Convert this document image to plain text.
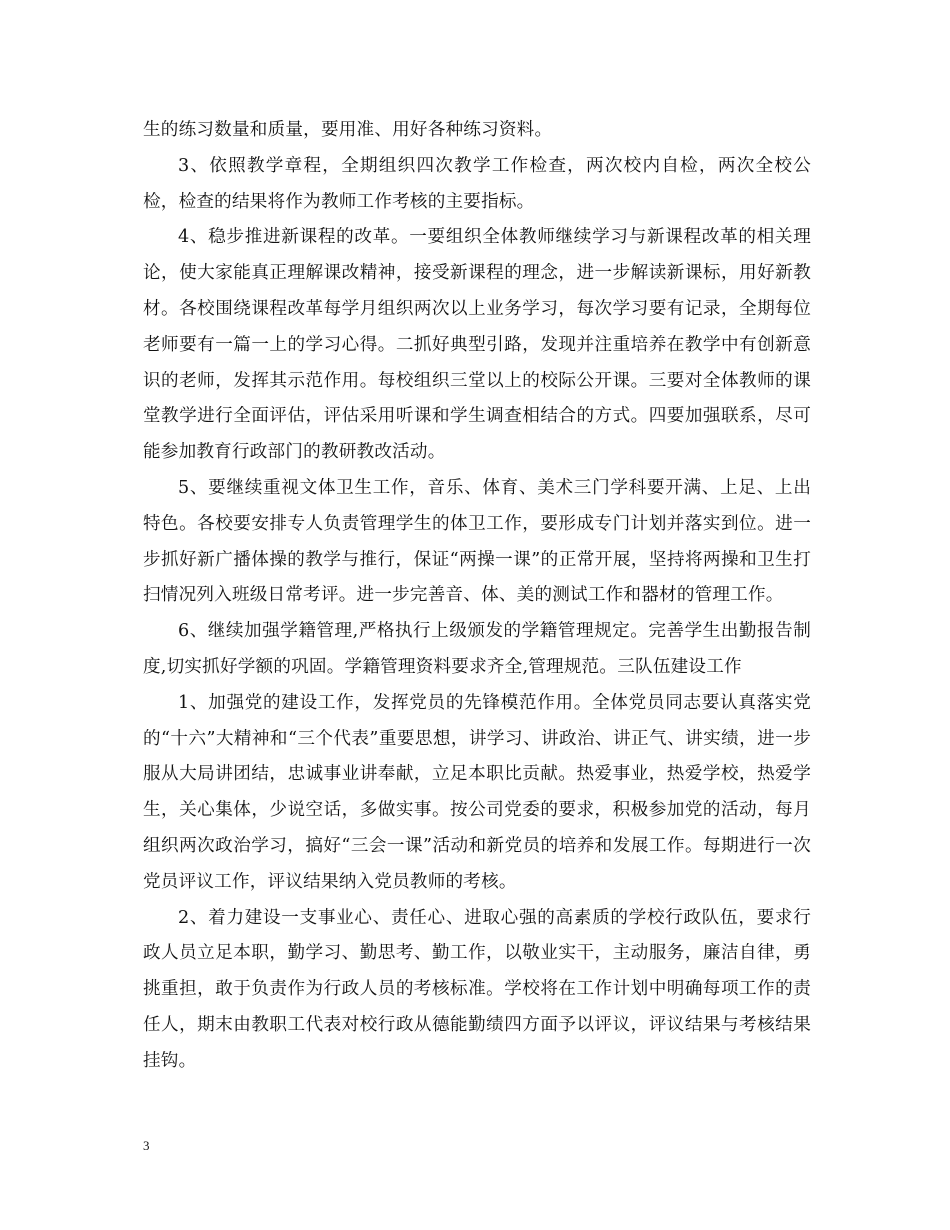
生的练习数量和质量，要用准、用好各种练习资料。

3、依照教学章程，全期组织四次教学工作检查，两次校内自检，两次全校公检，检查的结果将作为教师工作考核的主要指标。

4、稳步推进新课程的改革。一要组织全体教师继续学习与新课程改革的相关理论，使大家能真正理解课改精神，接受新课程的理念，进一步解读新课标，用好新教材。各校围绕课程改革每学月组织两次以上业务学习，每次学习要有记录，全期每位老师要有一篇一上的学习心得。二抓好典型引路，发现并注重培养在教学中有创新意识的老师，发挥其示范作用。每校组织三堂以上的校际公开课。三要对全体教师的课堂教学进行全面评估，评估采用听课和学生调查相结合的方式。四要加强联系，尽可能参加教育行政部门的教研教改活动。

5、要继续重视文体卫生工作，音乐、体育、美术三门学科要开满、上足、上出特色。各校要安排专人负责管理学生的体卫工作，要形成专门计划并落实到位。进一步抓好新广播体操的教学与推行，保证“两操一课”的正常开展，坚持将两操和卫生打扫情况列入班级日常考评。进一步完善音、体、美的测试工作和器材的管理工作。

6、继续加强学籍管理,严格执行上级颁发的学籍管理规定。完善学生出勤报告制度,切实抓好学额的巩固。学籍管理资料要求齐全,管理规范。三队伍建设工作

1、加强党的建设工作，发挥党员的先锋模范作用。全体党员同志要认真落实党的“十六”大精神和“三个代表”重要思想，讲学习、讲政治、讲正气、讲实绩，进一步服从大局讲团结，忠诚事业讲奉献，立足本职比贡献。热爱事业，热爱学校，热爱学生，关心集体，少说空话，多做实事。按公司党委的要求，积极参加党的活动，每月组织两次政治学习，搞好“三会一课”活动和新党员的培养和发展工作。每期进行一次党员评议工作，评议结果纳入党员教师的考核。

2、着力建设一支事业心、责任心、进取心强的高素质的学校行政队伍，要求行政人员立足本职，勤学习、勤思考、勤工作，以敬业实干，主动服务，廉洁自律，勇挑重担，敢于负责作为行政人员的考核标准。学校将在工作计划中明确每项工作的责任人，期末由教职工代表对校行政从德能勤绩四方面予以评议，评议结果与考核结果挂钩。

3
